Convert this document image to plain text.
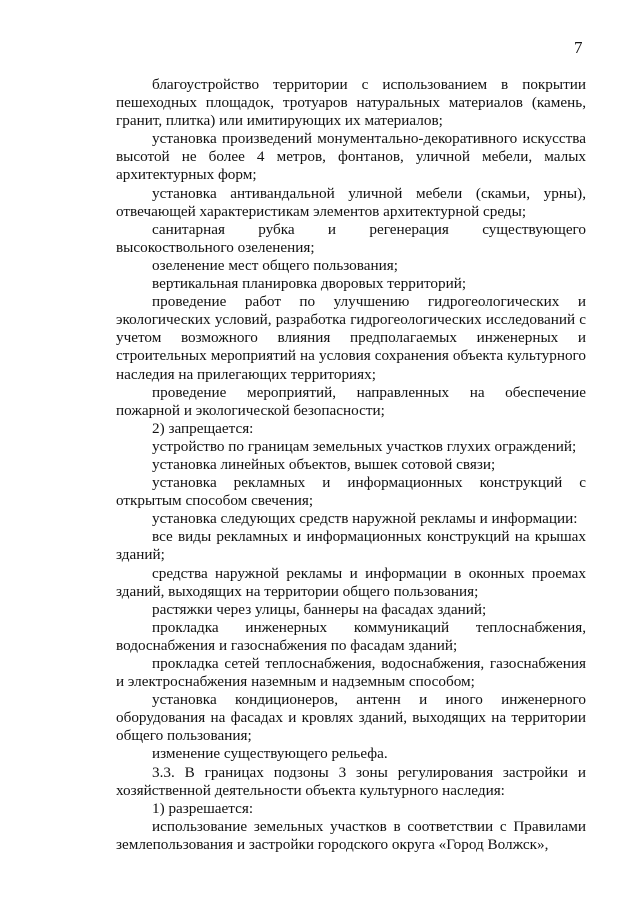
7

благоустройство территории с использованием в покрытии пешеходных площадок, тротуаров натуральных материалов (камень, гранит, плитка) или имитирующих их материалов;

установка произведений монументально-декоративного искусства высотой не более 4 метров, фонтанов, уличной мебели, малых архитектурных форм;

установка антивандальной уличной мебели (скамьи, урны), отвечающей характеристикам элементов архитектурной среды;

санитарная рубка и регенерация существующего высокоствольного озеленения;

озеленение мест общего пользования;

вертикальная планировка дворовых территорий;

проведение работ по улучшению гидрогеологических и экологических условий, разработка гидрогеологических исследований с учетом возможного влияния предполагаемых инженерных и строительных мероприятий на условия сохранения объекта культурного наследия на прилегающих территориях;

проведение мероприятий, направленных на обеспечение пожарной и экологической безопасности;

2) запрещается:

устройство по границам земельных участков глухих ограждений;

установка линейных объектов, вышек сотовой связи;

установка рекламных и информационных конструкций с открытым способом свечения;

установка следующих средств наружной рекламы и информации:

все виды рекламных и информационных конструкций на крышах зданий;

средства наружной рекламы и информации в оконных проемах зданий, выходящих на территории общего пользования;

растяжки через улицы, баннеры на фасадах зданий;

прокладка инженерных коммуникаций теплоснабжения, водоснабжения и газоснабжения по фасадам зданий;

прокладка сетей теплоснабжения, водоснабжения, газоснабжения и электроснабжения наземным и надземным способом;

установка кондиционеров, антенн и иного инженерного оборудования на фасадах и кровлях зданий, выходящих на территории общего пользования;

изменение существующего рельефа.

3.3. В границах подзоны 3 зоны регулирования застройки и хозяйственной деятельности объекта культурного наследия:

1) разрешается:

использование земельных участков в соответствии с Правилами землепользования и застройки городского округа «Город Волжск»,
